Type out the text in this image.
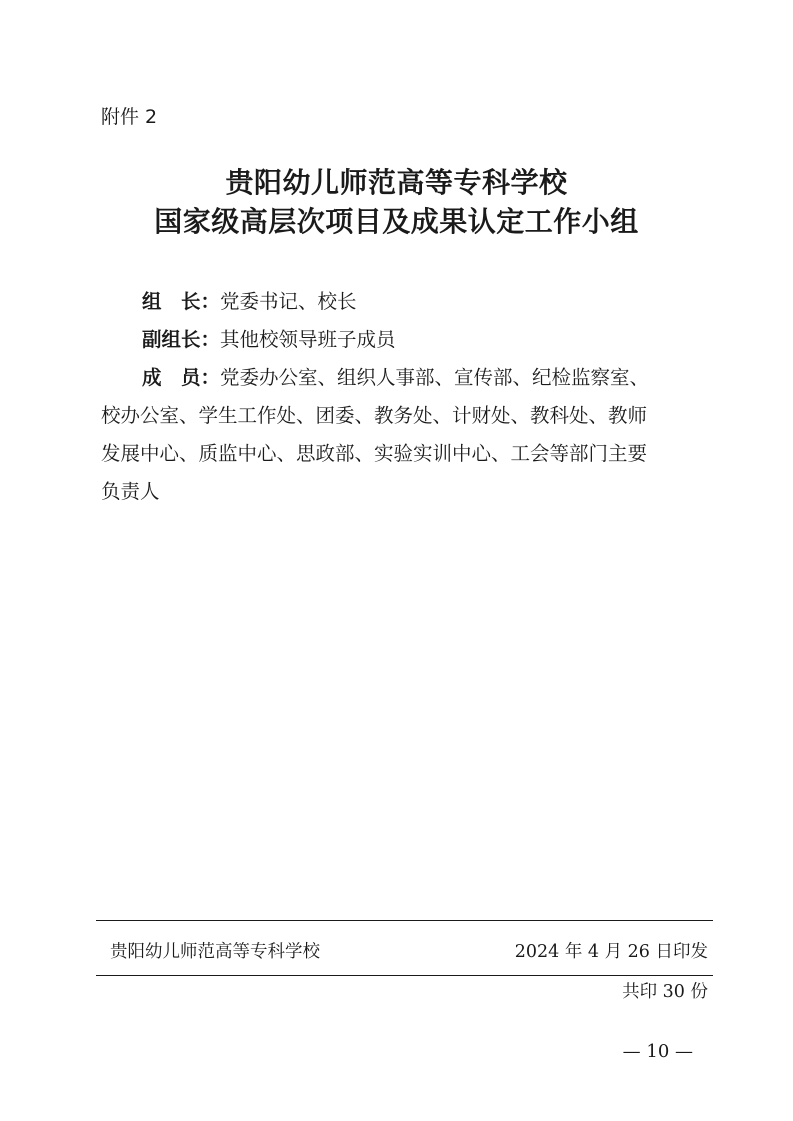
附件 2
贵阳幼儿师范高等专科学校
国家级高层次项目及成果认定工作小组
组　长：党委书记、校长
副组长：其他校领导班子成员
成　员：党委办公室、组织人事部、宣传部、纪检监察室、
校办公室、学生工作处、团委、教务处、计财处、教科处、教师
发展中心、质监中心、思政部、实验实训中心、工会等部门主要
负责人
贵阳幼儿师范高等专科学校	2024 年 4 月 26 日印发
共印 30 份
— 10 —
